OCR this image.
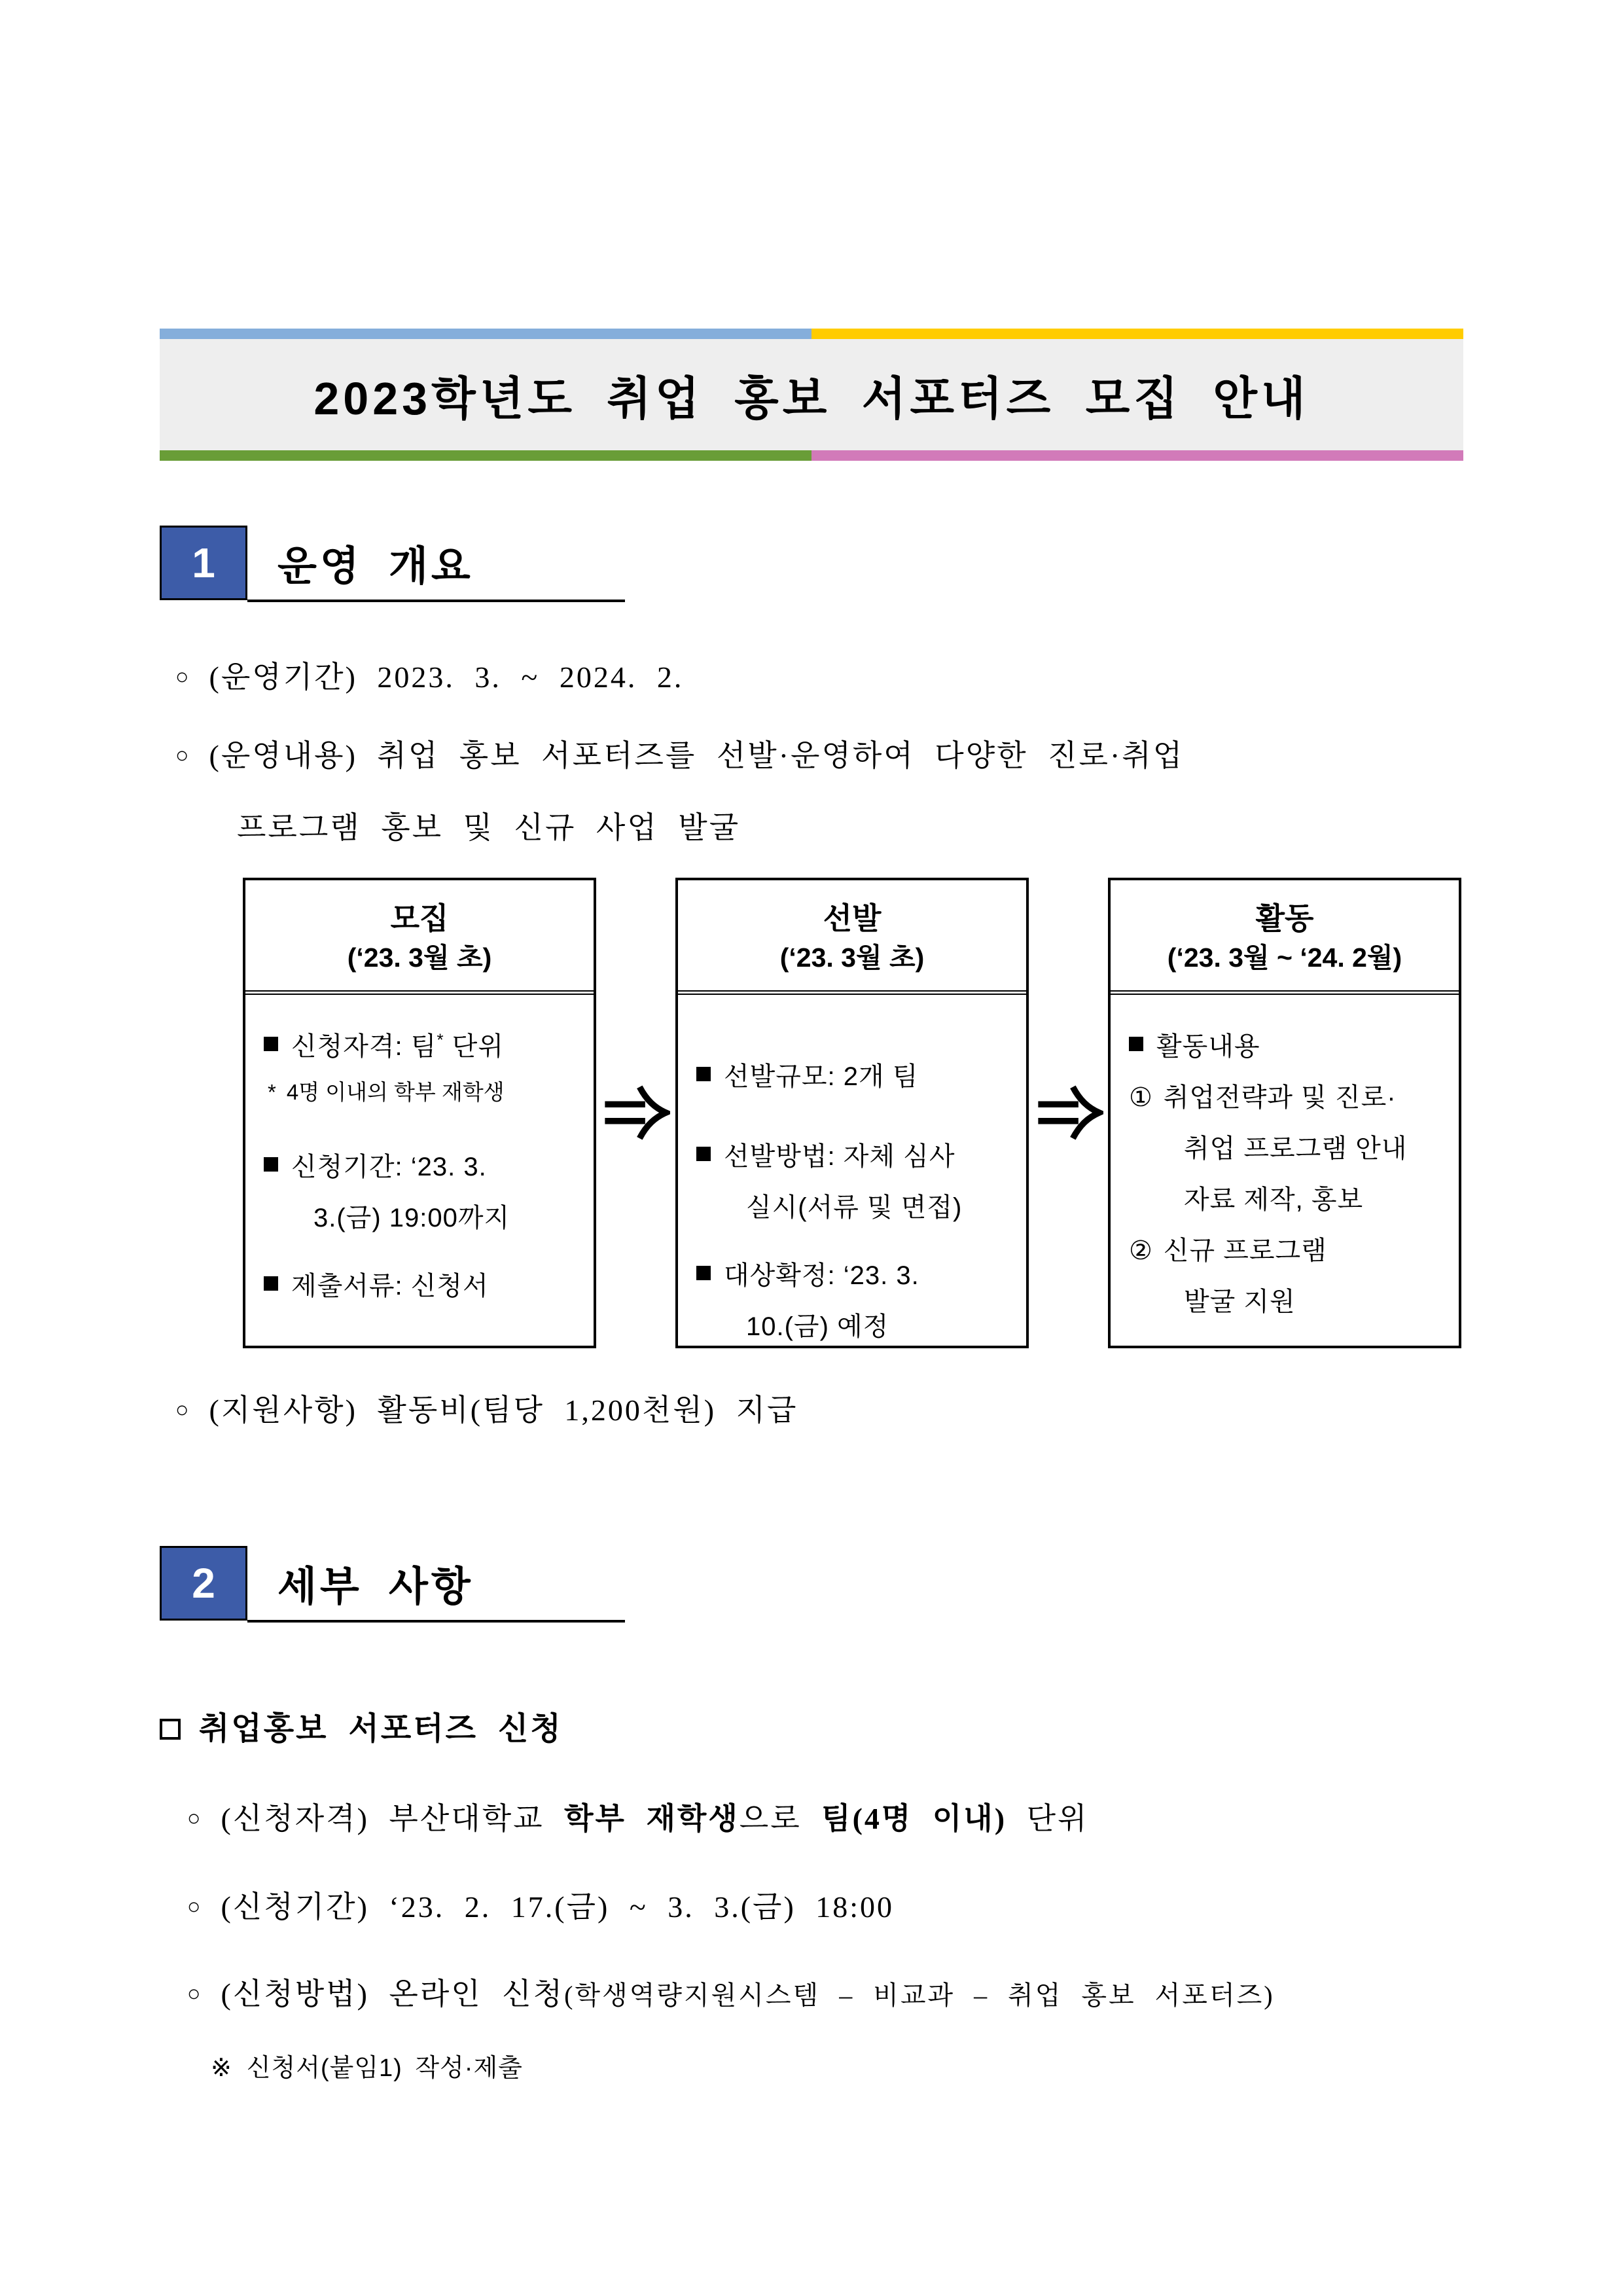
2023학년도 취업 홍보 서포터즈 모집 안내
1	운영 개요
○ (운영기간) 2023. 3. ~ 2024. 2.
○ (운영내용) 취업 홍보 서포터즈를 선발·운영하여 다양한 진로·취업
프로그램 홍보 및 신규 사업 발굴
모집
(‘23. 3월 초)
신청자격: 팀* 단위
* 4명 이내의 학부 재학생
신청기간: ‘23. 3.
3.(금) 19:00까지
제출서류: 신청서
선발
(‘23. 3월 초)
선발규모: 2개 팀
선발방법: 자체 심사
실시(서류 및 면접)
대상확정: ‘23. 3.
10.(금) 예정
활동
(‘23. 3월 ~ ‘24. 2월)
활동내용
① 취업전략과 및 진로·
취업 프로그램 안내
자료 제작, 홍보
② 신규 프로그램
발굴 지원
○ (지원사항) 활동비(팀당 1,200천원) 지급
2	세부 사항
취업홍보 서포터즈 신청
○ (신청자격) 부산대학교 학부 재학생으로 팀(4명 이내) 단위
○ (신청기간) ‘23. 2. 17.(금) ~ 3. 3.(금) 18:00
○ (신청방법) 온라인 신청(학생역량지원시스템 – 비교과 – 취업 홍보 서포터즈)
※ 신청서(붙임1) 작성·제출
